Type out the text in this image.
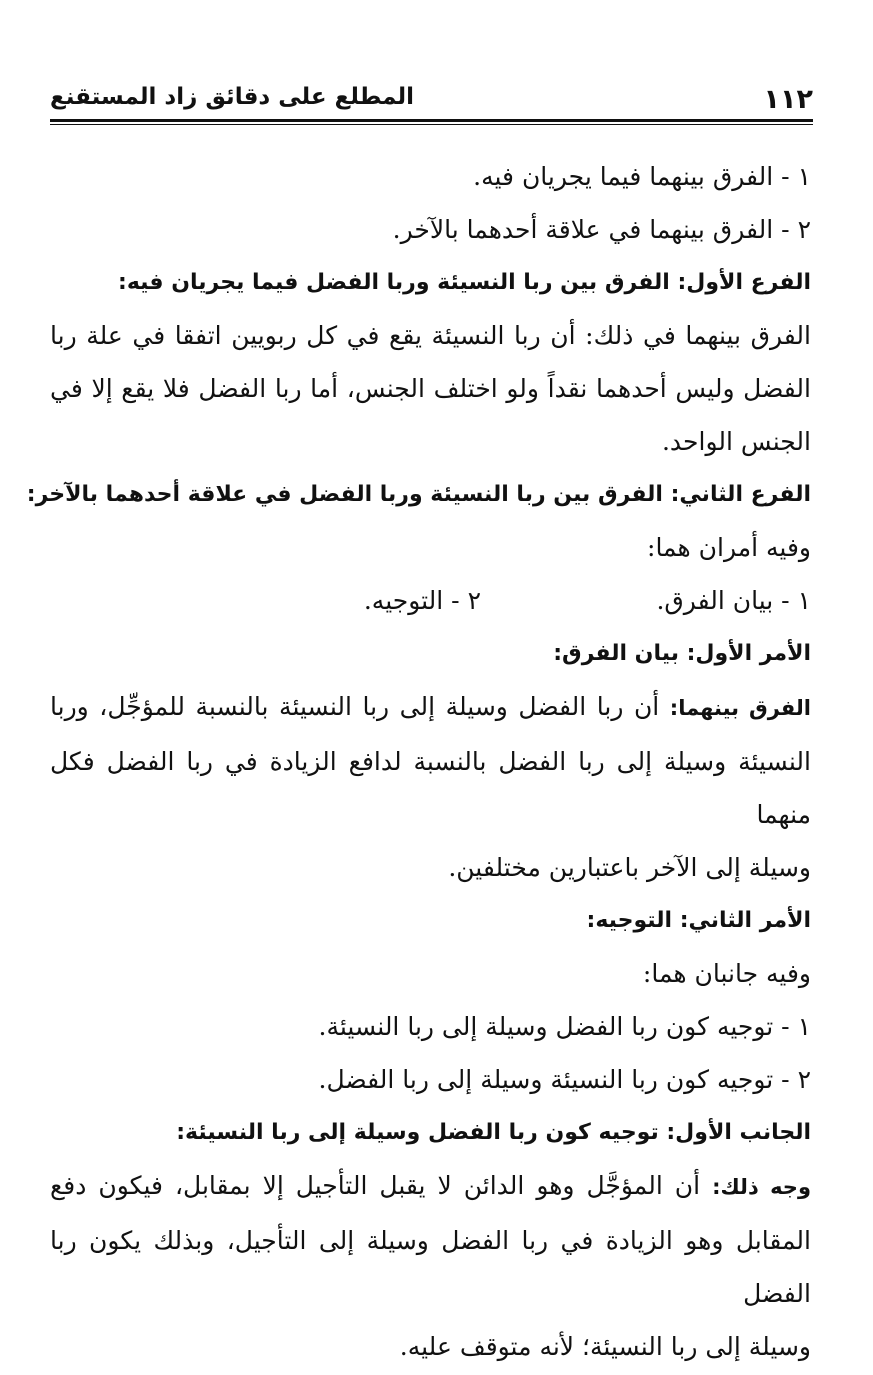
١١٢
المطلع على دقائق زاد المستقنع

١ - الفرق بينهما فيما يجريان فيه.

٢ - الفرق بينهما في علاقة أحدهما بالآخر.

الفرع الأول: الفرق بين ربا النسيئة وربا الفضل فيما يجريان فيه:

الفرق بينهما في ذلك: أن ربا النسيئة يقع في كل ربويين اتفقا في علة ربا

الفضل وليس أحدهما نقداً ولو اختلف الجنس، أما ربا الفضل فلا يقع إلا في

الجنس الواحد.

الفرع الثاني: الفرق بين ربا النسيئة وربا الفضل في علاقة أحدهما بالآخر:

وفيه أمران هما:

١ - بيان الفرق.
٢ - التوجيه.

الأمر الأول: بيان الفرق:

الفرق بينهما: أن ربا الفضل وسيلة إلى ربا النسيئة بالنسبة للمؤجِّل، وربا

النسيئة وسيلة إلى ربا الفضل بالنسبة لدافع الزيادة في ربا الفضل فكل منهما

وسيلة إلى الآخر باعتبارين مختلفين.

الأمر الثاني: التوجيه:

وفيه جانبان هما:

١ - توجيه كون ربا الفضل وسيلة إلى ربا النسيئة.

٢ - توجيه كون ربا النسيئة وسيلة إلى ربا الفضل.

الجانب الأول: توجيه كون ربا الفضل وسيلة إلى ربا النسيئة:

وجه ذلك: أن المؤجَّل وهو الدائن لا يقبل التأجيل إلا بمقابل، فيكون دفع

المقابل وهو الزيادة في ربا الفضل وسيلة إلى التأجيل، وبذلك يكون ربا الفضل

وسيلة إلى ربا النسيئة؛ لأنه متوقف عليه.
